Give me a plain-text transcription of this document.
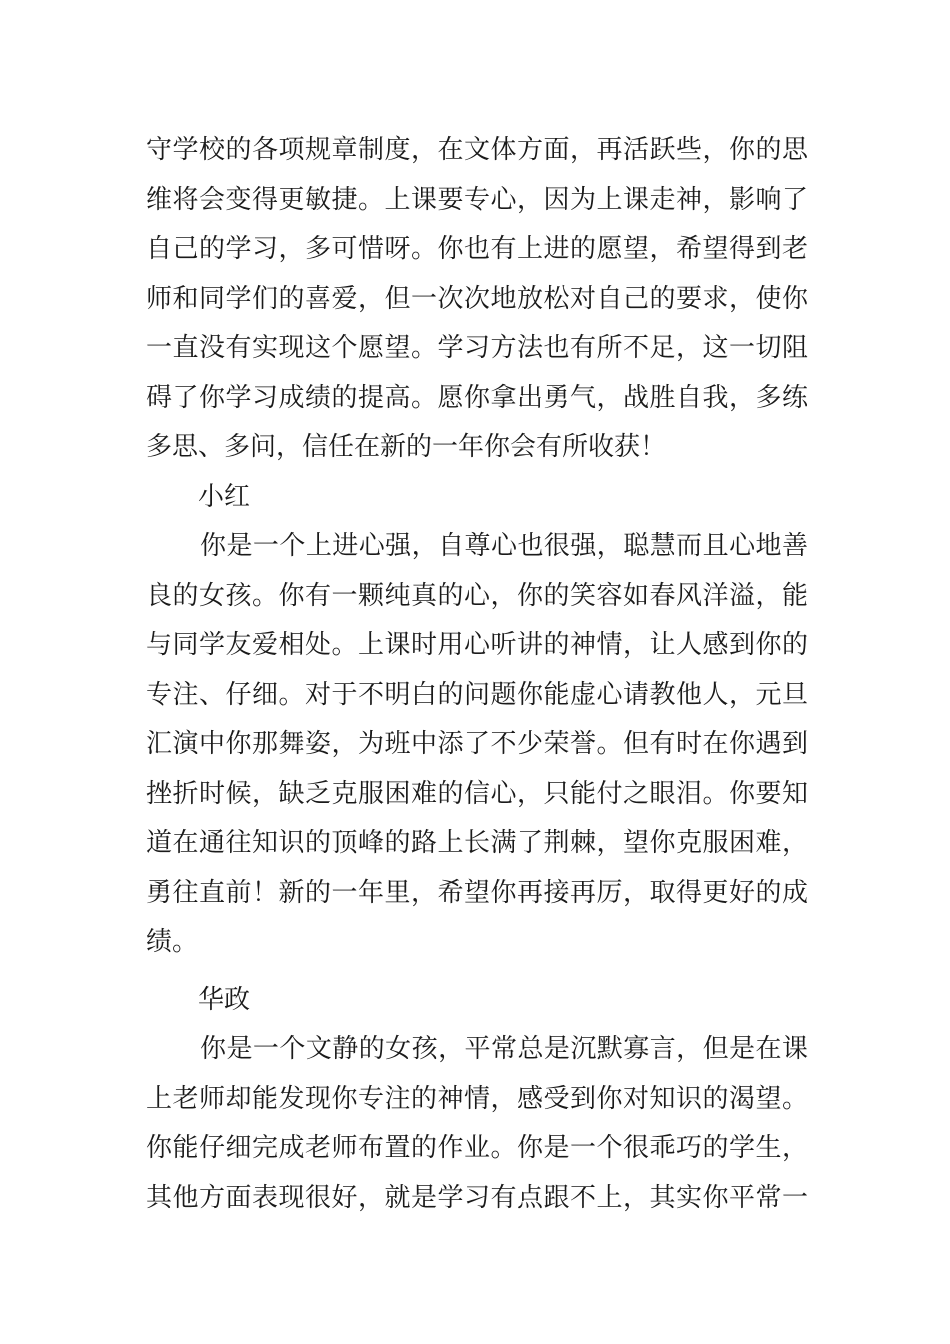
守学校的各项规章制度，在文体方面，再活跃些，你的思
维将会变得更敏捷。上课要专心，因为上课走神，影响了
自己的学习，多可惜呀。你也有上进的愿望，希望得到老
师和同学们的喜爱，但一次次地放松对自己的要求，使你
一直没有实现这个愿望。学习方法也有所不足，这一切阻
碍了你学习成绩的提高。愿你拿出勇气，战胜自我，多练
多思、多问，信任在新的一年你会有所收获！
小红
你是一个上进心强，自尊心也很强，聪慧而且心地善
良的女孩。你有一颗纯真的心，你的笑容如春风洋溢，能
与同学友爱相处。上课时用心听讲的神情，让人感到你的
专注、仔细。对于不明白的问题你能虚心请教他人，元旦
汇演中你那舞姿，为班中添了不少荣誉。但有时在你遇到
挫折时候，缺乏克服困难的信心，只能付之眼泪。你要知
道在通往知识的顶峰的路上长满了荆棘，望你克服困难，
勇往直前！新的一年里，希望你再接再厉，取得更好的成
绩。
华政
你是一个文静的女孩，平常总是沉默寡言，但是在课
上老师却能发现你专注的神情，感受到你对知识的渴望。
你能仔细完成老师布置的作业。你是一个很乖巧的学生，
其他方面表现很好，就是学习有点跟不上，其实你平常一
